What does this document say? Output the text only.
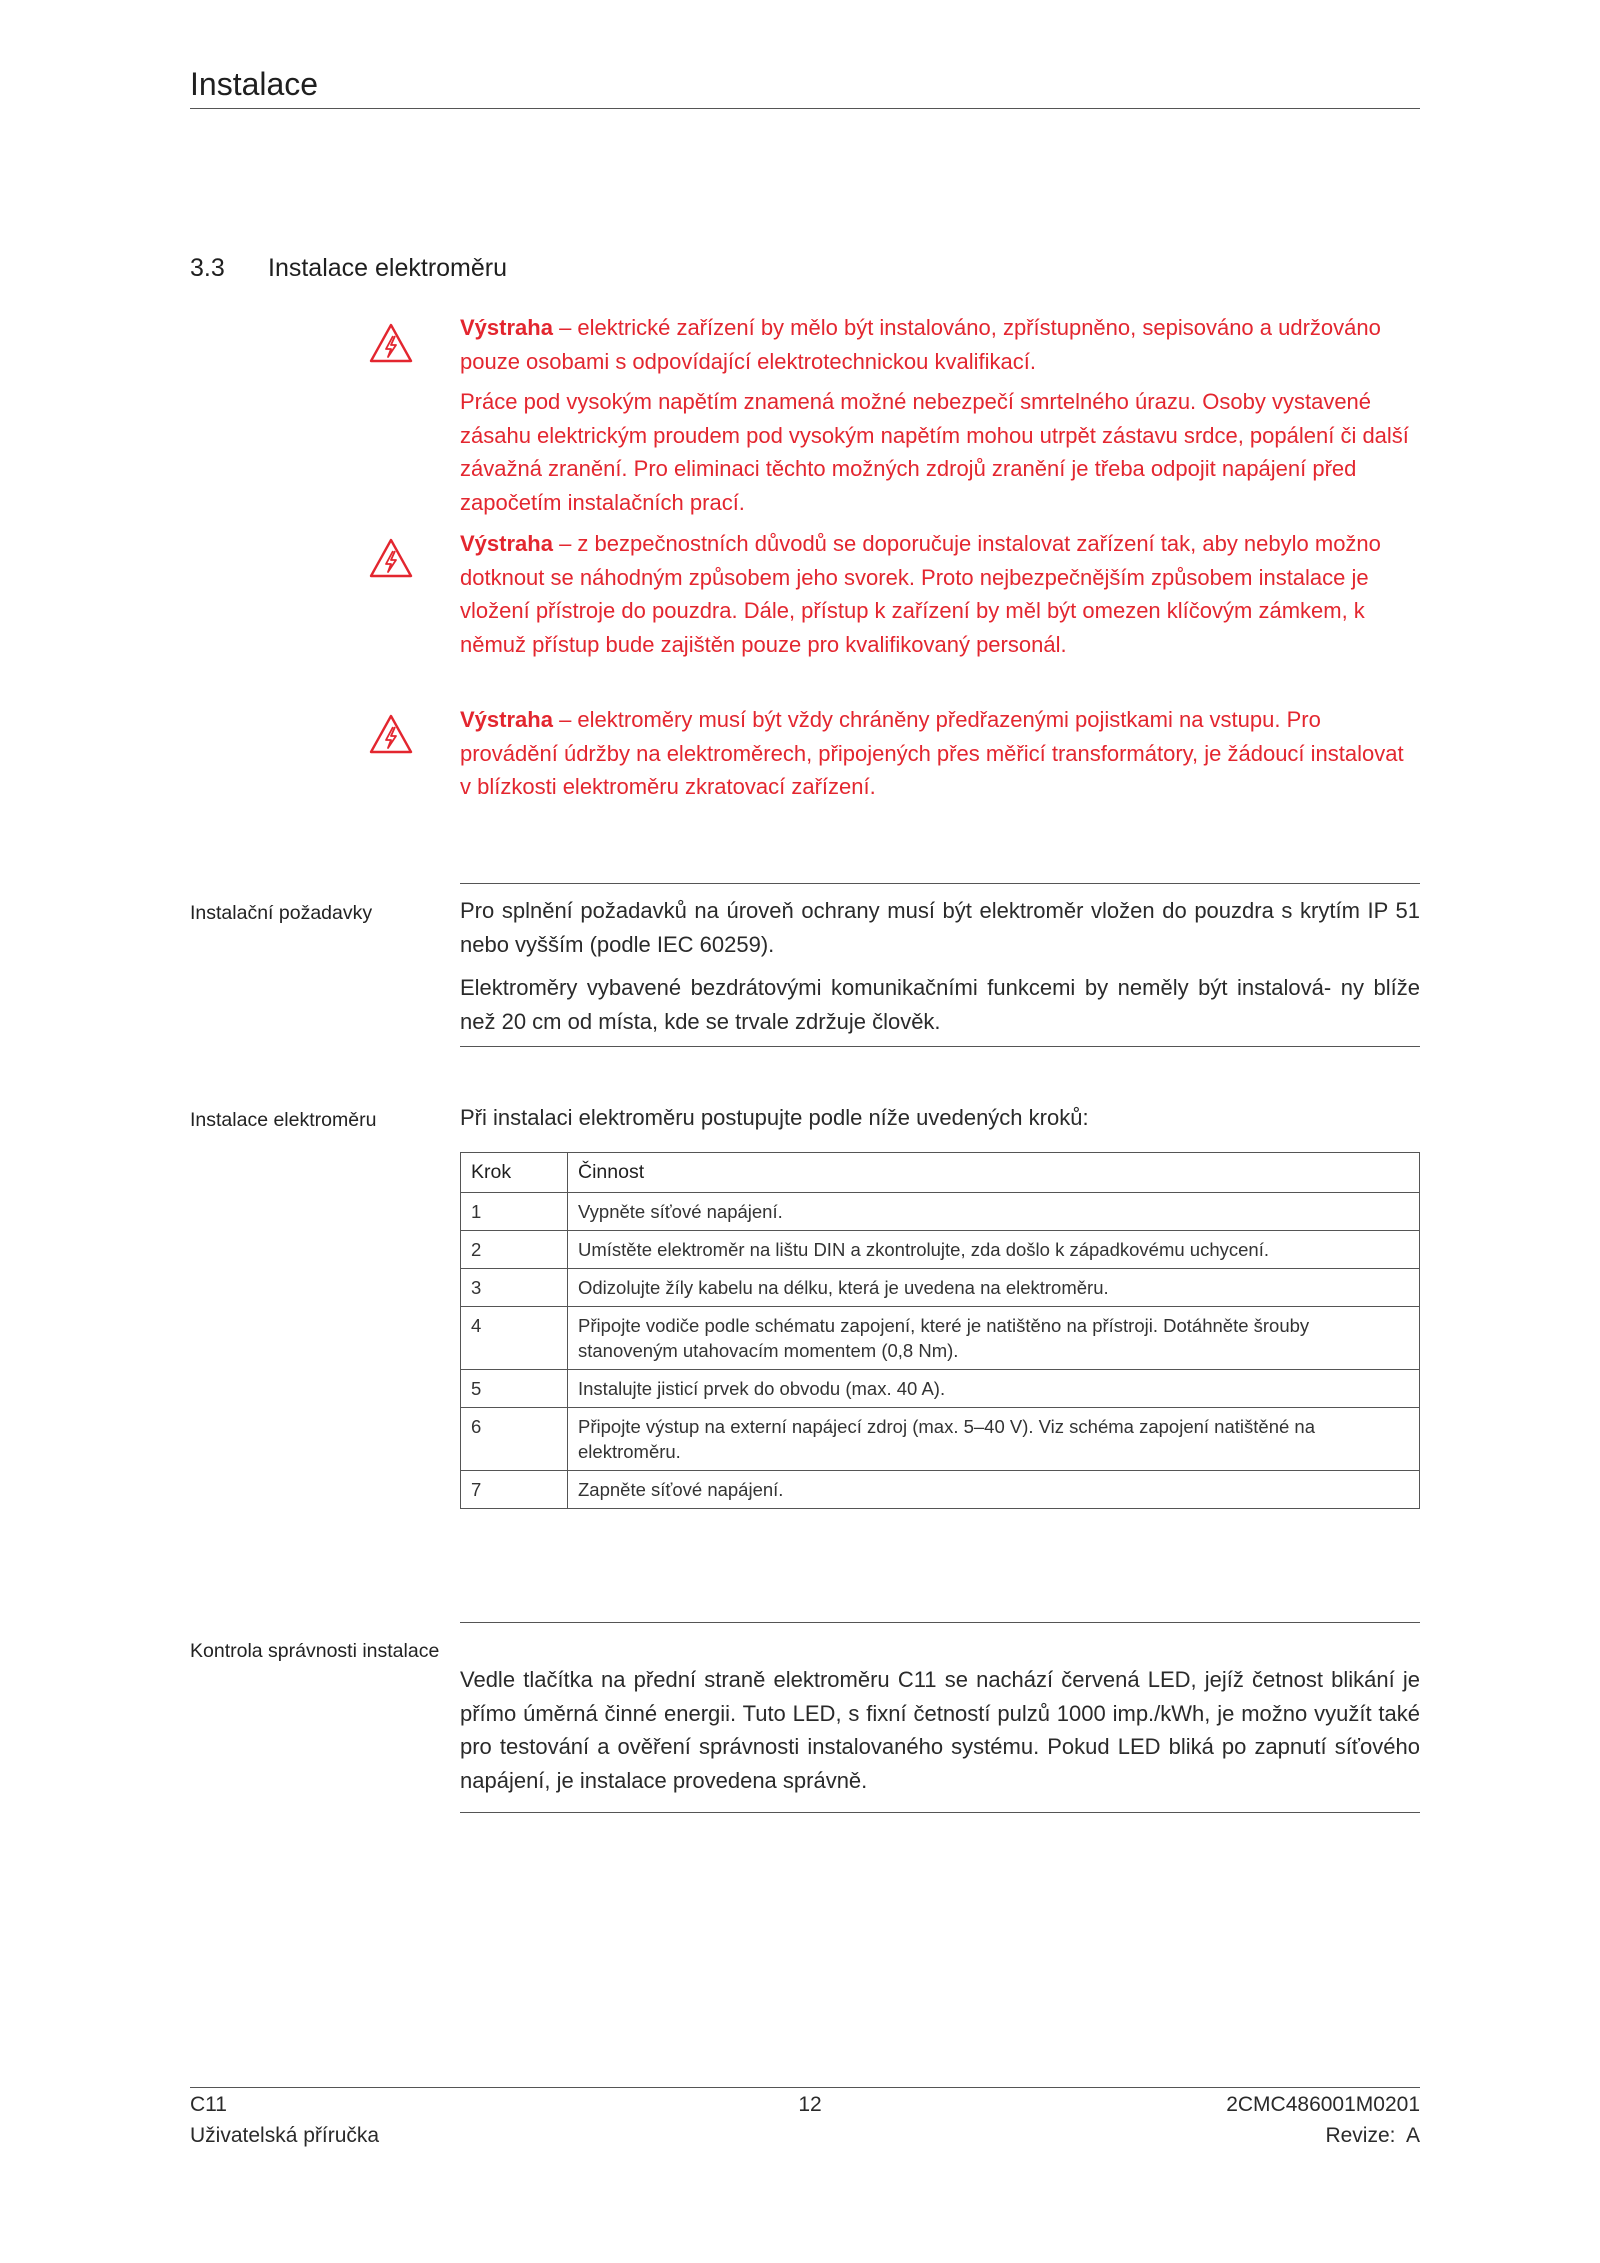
Instalace
3.3 Instalace elektroměru

Výstraha – elektrické zařízení by mělo být instalováno, zpřístupněno, sepisováno a udržováno pouze osobami s odpovídající elektrotechnickou kvalifikací.

Práce pod vysokým napětím znamená možné nebezpečí smrtelného úrazu. Osoby vystavené zásahu elektrickým proudem pod vysokým napětím mohou utrpět zástavu srdce, popálení či další závažná zranění. Pro eliminaci těchto možných zdrojů zranění je třeba odpojit napájení před započetím instalačních prací.

Výstraha – z bezpečnostních důvodů se doporučuje instalovat zařízení tak, aby nebylo možno dotknout se náhodným způsobem jeho svorek. Proto nejbezpečnějším způsobem instalace je vložení přístroje do pouzdra. Dále, přístup k zařízení by měl být omezen klíčovým zámkem, k němuž přístup bude zajištěn pouze pro kvalifikovaný personál.

Výstraha – elektroměry musí být vždy chráněny předřazenými pojistkami na vstupu. Pro provádění údržby na elektroměrech, připojených přes měřicí transformátory, je žádoucí instalovat v blízkosti elektroměru zkratovací zařízení.

Instalační požadavky	Pro splnění požadavků na úroveň ochrany musí být elektroměr vložen do pouzdra s krytím IP 51 nebo vyšším (podle IEC 60259).

Elektroměry vybavené bezdrátovými komunikačními funkcemi by neměly být instalová- ny blíže než 20 cm od místa, kde se trvale zdržuje člověk.

Instalace elektroměru	Při instalaci elektroměru postupujte podle níže uvedených kroků:
Krok	Činnost
1	Vypněte síťové napájení.
2	Umístěte elektroměr na lištu DIN a zkontrolujte, zda došlo k západkovému uchycení.
3	Odizolujte žíly kabelu na délku, která je uvedena na elektroměru.
4	Připojte vodiče podle schématu zapojení, které je natištěno na přístroji. Dotáhněte šrouby stanoveným utahovacím momentem (0,8 Nm).
5	Instalujte jisticí prvek do obvodu (max. 40 A).
6	Připojte výstup na externí napájecí zdroj (max. 5–40 V). Viz schéma zapojení natištěné na elektroměru.
7	Zapněte síťové napájení.
Kontrola správnosti instalace

Vedle tlačítka na přední straně elektroměru C11 se nachází červená LED, jejíž četnost blikání je přímo úměrná činné energii. Tuto LED, s fixní četností pulzů 1000 imp./kWh, je možno využít také pro testování a ověření správnosti instalovaného systému. Pokud LED bliká po zapnutí síťového napájení, je instalace provedena správně.

C11
Uživatelská příručka
12	2CMC486001M0201
Revize:  A
